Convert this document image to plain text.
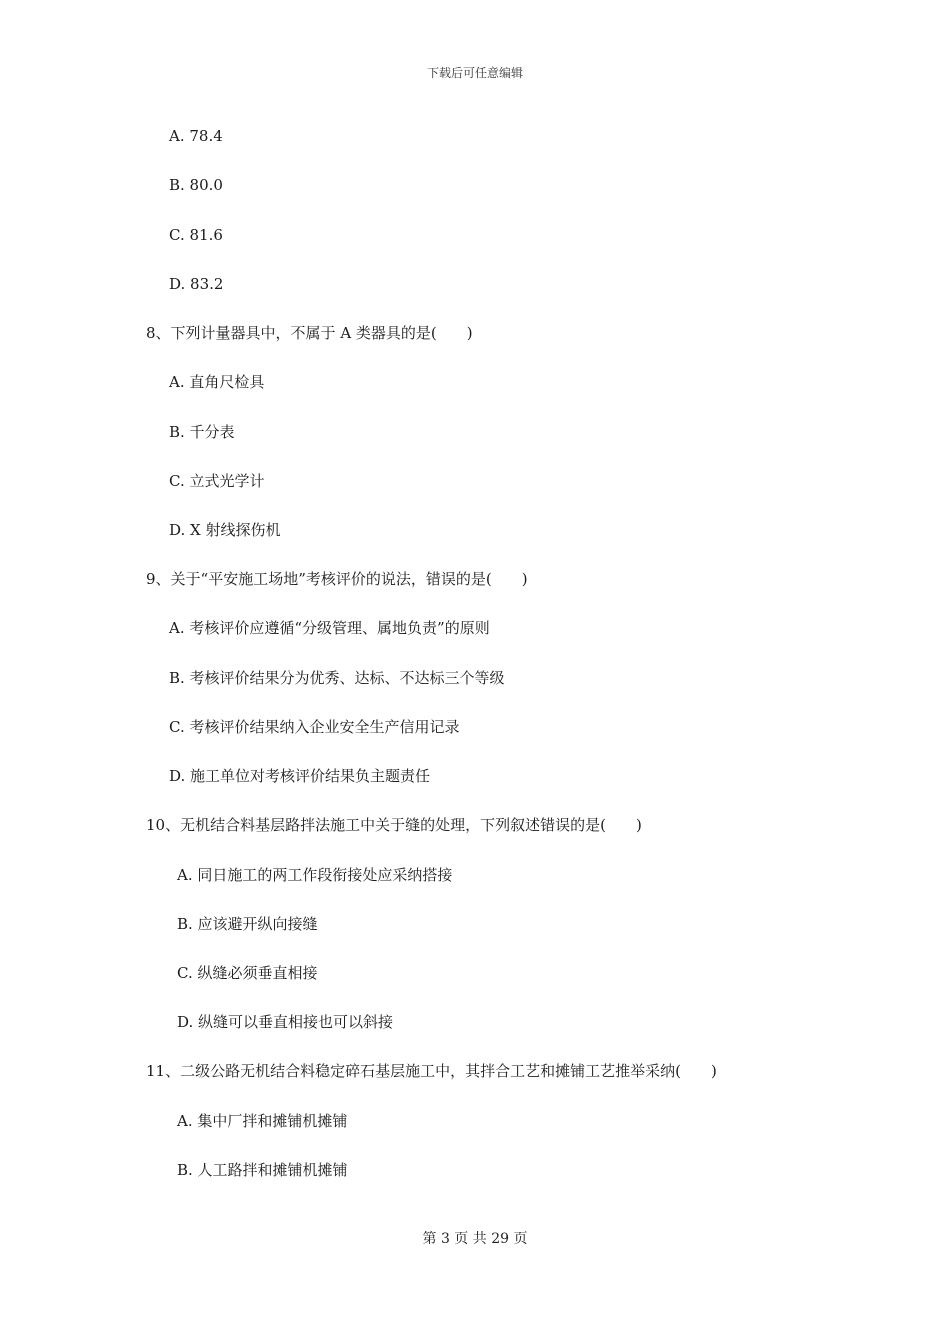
下载后可任意编辑
A. 78.4
B. 80.0
C. 81.6
D. 83.2
8、下列计量器具中，不属于 A 类器具的是(　　)
A. 直角尺检具
B. 千分表
C. 立式光学计
D. X 射线探伤机
9、关于“平安施工场地”考核评价的说法，错误的是(　　)
A. 考核评价应遵循“分级管理、属地负责”的原则
B. 考核评价结果分为优秀、达标、不达标三个等级
C. 考核评价结果纳入企业安全生产信用记录
D. 施工单位对考核评价结果负主题责任
10、无机结合料基层路拌法施工中关于缝的处理，下列叙述错误的是(　　)
A. 同日施工的两工作段衔接处应采纳搭接
B. 应该避开纵向接缝
C. 纵缝必须垂直相接
D. 纵缝可以垂直相接也可以斜接
11、二级公路无机结合料稳定碎石基层施工中，其拌合工艺和摊铺工艺推举采纳(　　)
A. 集中厂拌和摊铺机摊铺
B. 人工路拌和摊铺机摊铺
第 3 页 共 29 页
